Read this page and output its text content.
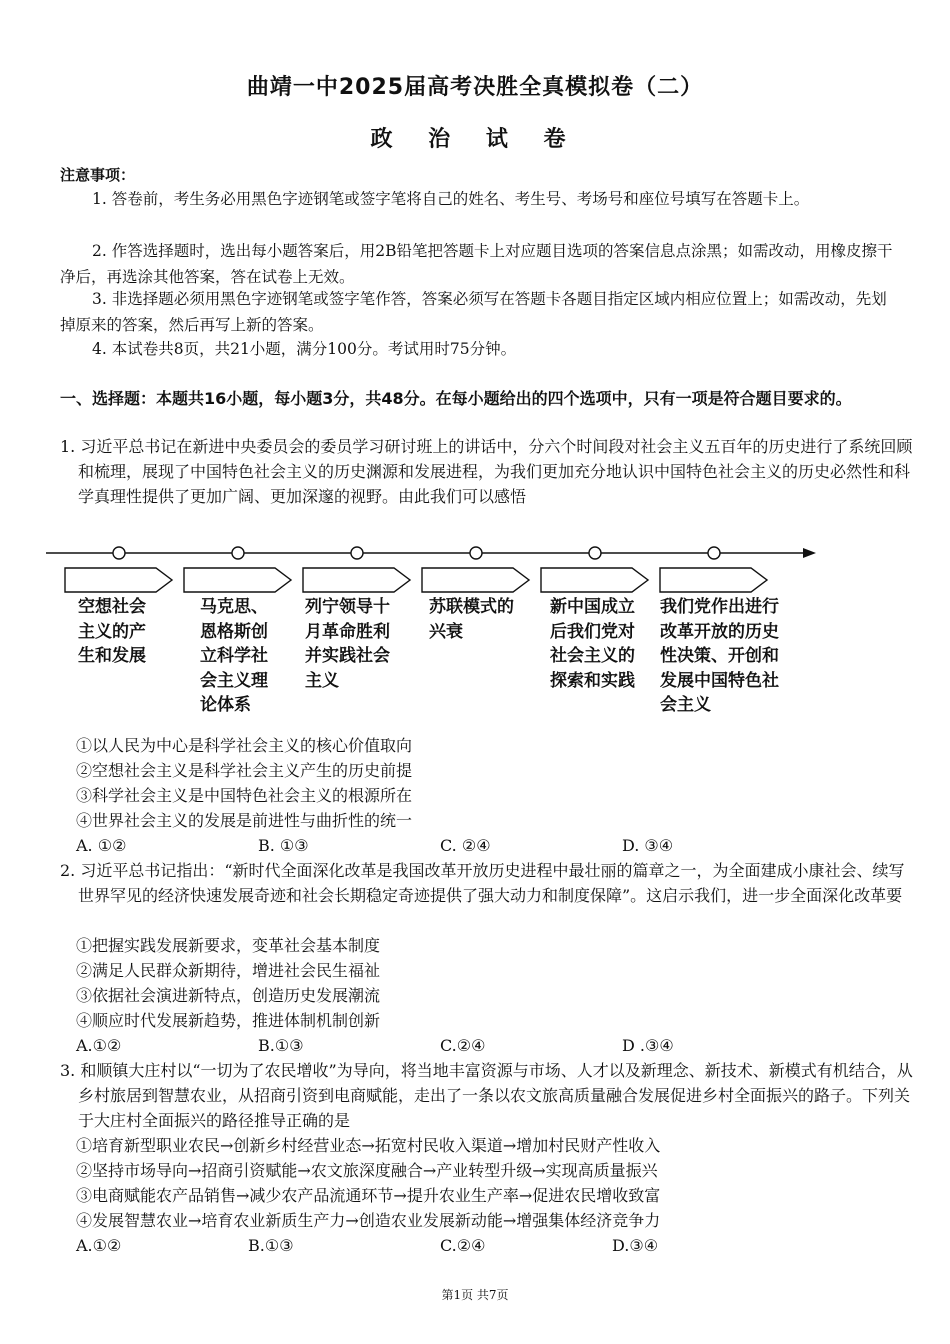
曲靖一中2025届高考决胜全真模拟卷（二）
政 治 试 卷
注意事项：

1. 答卷前，考生务必用黑色字迹钢笔或签字笔将自己的姓名、考生号、考场号和座位号填写在答题卡上。

2. 作答选择题时，选出每小题答案后，用2B铅笔把答题卡上对应题目选项的答案信息点涂黑；如需改动，用橡皮擦干净后，再选涂其他答案，答在试卷上无效。

3. 非选择题必须用黑色字迹钢笔或签字笔作答，答案必须写在答题卡各题目指定区域内相应位置上；如需改动，先划掉原来的答案，然后再写上新的答案。

4. 本试卷共8页，共21小题，满分100分。考试用时75分钟。

一、选择题：本题共16小题，每小题3分，共48分。在每小题给出的四个选项中，只有一项是符合题目要求的。

1. 习近平总书记在新进中央委员会的委员学习研讨班上的讲话中，分六个时间段对社会主义五百年的历史进行了系统回顾和梳理，展现了中国特色社会主义的历史渊源和发展进程，为我们更加充分地认识中国特色社会主义的历史必然性和科学真理性提供了更加广阔、更加深邃的视野。由此我们可以感悟

空想社会
主义的产
生和发展
马克思、
恩格斯创
立科学社
会主义理
论体系
列宁领导十
月革命胜利
并实践社会
主义
苏联模式的
兴衰
新中国成立
后我们党对
社会主义的
探索和实践
我们党作出进行
改革开放的历史
性决策、开创和
发展中国特色社
会主义
①以人民为中心是科学社会主义的核心价值取向
②空想社会主义是科学社会主义产生的历史前提
③科学社会主义是中国特色社会主义的根源所在
④世界社会主义的发展是前进性与曲折性的统一
A. ①②	B. ①③	C. ②④	D. ③④

2. 习近平总书记指出：“新时代全面深化改革是我国改革开放历史进程中最壮丽的篇章之一，为全面建成小康社会、续写世界罕见的经济快速发展奇迹和社会长期稳定奇迹提供了强大动力和制度保障”。这启示我们，进一步全面深化改革要

①把握实践发展新要求，变革社会基本制度
②满足人民群众新期待，增进社会民生福祉
③依据社会演进新特点，创造历史发展潮流
④顺应时代发展新趋势，推进体制机制创新
A.①②	B.①③	C.②④	D .③④

3. 和顺镇大庄村以“一切为了农民增收”为导向，将当地丰富资源与市场、人才以及新理念、新技术、新模式有机结合，从乡村旅居到智慧农业，从招商引资到电商赋能，走出了一条以农文旅高质量融合发展促进乡村全面振兴的路子。下列关于大庄村全面振兴的路径推导正确的是

①培育新型职业农民→创新乡村经营业态→拓宽村民收入渠道→增加村民财产性收入
②坚持市场导向→招商引资赋能→农文旅深度融合→产业转型升级→实现高质量振兴
③电商赋能农产品销售→减少农产品流通环节→提升农业生产率→促进农民增收致富
④发展智慧农业→培育农业新质生产力→创造农业发展新动能→增强集体经济竞争力
A.①②	B.①③	C.②④	D.③④
第1页 共7页
